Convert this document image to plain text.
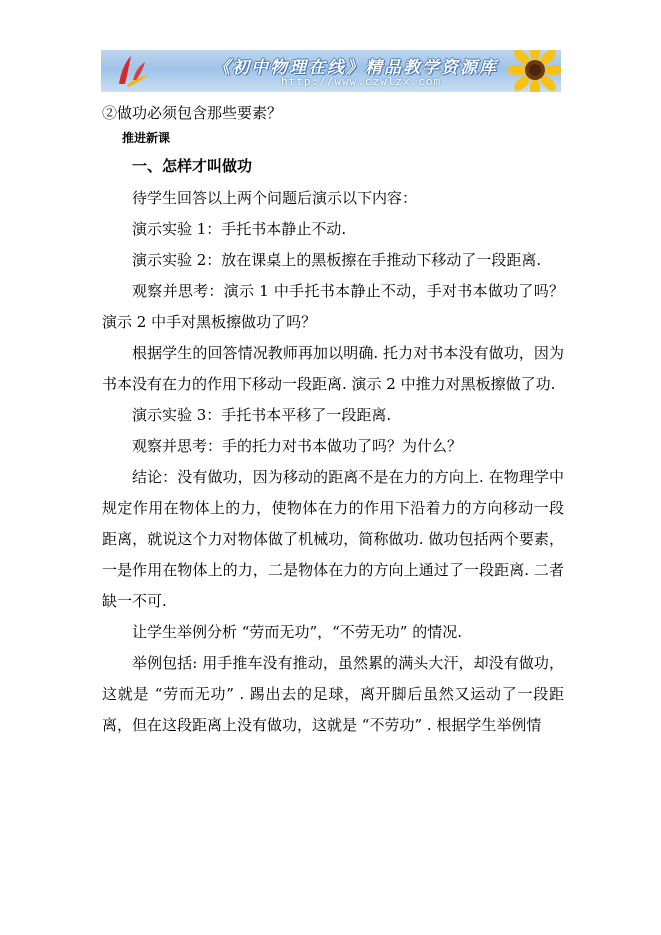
《初中物理在线》精品教学资源库
http://www.czwlzx.com

②做功必须包含那些要素？

推进新课

一、怎样才叫做功

待学生回答以上两个问题后演示以下内容：

演示实验 1：手托书本静止不动.

演示实验 2：放在课桌上的黑板擦在手推动下移动了一段距离.

观察并思考：演示 1 中手托书本静止不动，手对书本做功了吗？演示 2 中手对黑板擦做功了吗？

根据学生的回答情况教师再加以明确. 托力对书本没有做功，因为书本没有在力的作用下移动一段距离. 演示 2 中推力对黑板擦做了功.

演示实验 3：手托书本平移了一段距离.

观察并思考：手的托力对书本做功了吗？为什么？

结论：没有做功，因为移动的距离不是在力的方向上. 在物理学中规定作用在物体上的力，使物体在力的作用下沿着力的方向移动一段距离，就说这个力对物体做了机械功，简称做功. 做功包括两个要素，一是作用在物体上的力，二是物体在力的方向上通过了一段距离. 二者缺一不可.

让学生举例分析 “劳而无功”，“不劳无功” 的情况.

举例包括: 用手推车没有推动，虽然累的满头大汗，却没有做功，这就是 “劳而无功” . 踢出去的足球，离开脚后虽然又运动了一段距离，但在这段距离上没有做功，这就是 “不劳功” . 根据学生举例情
